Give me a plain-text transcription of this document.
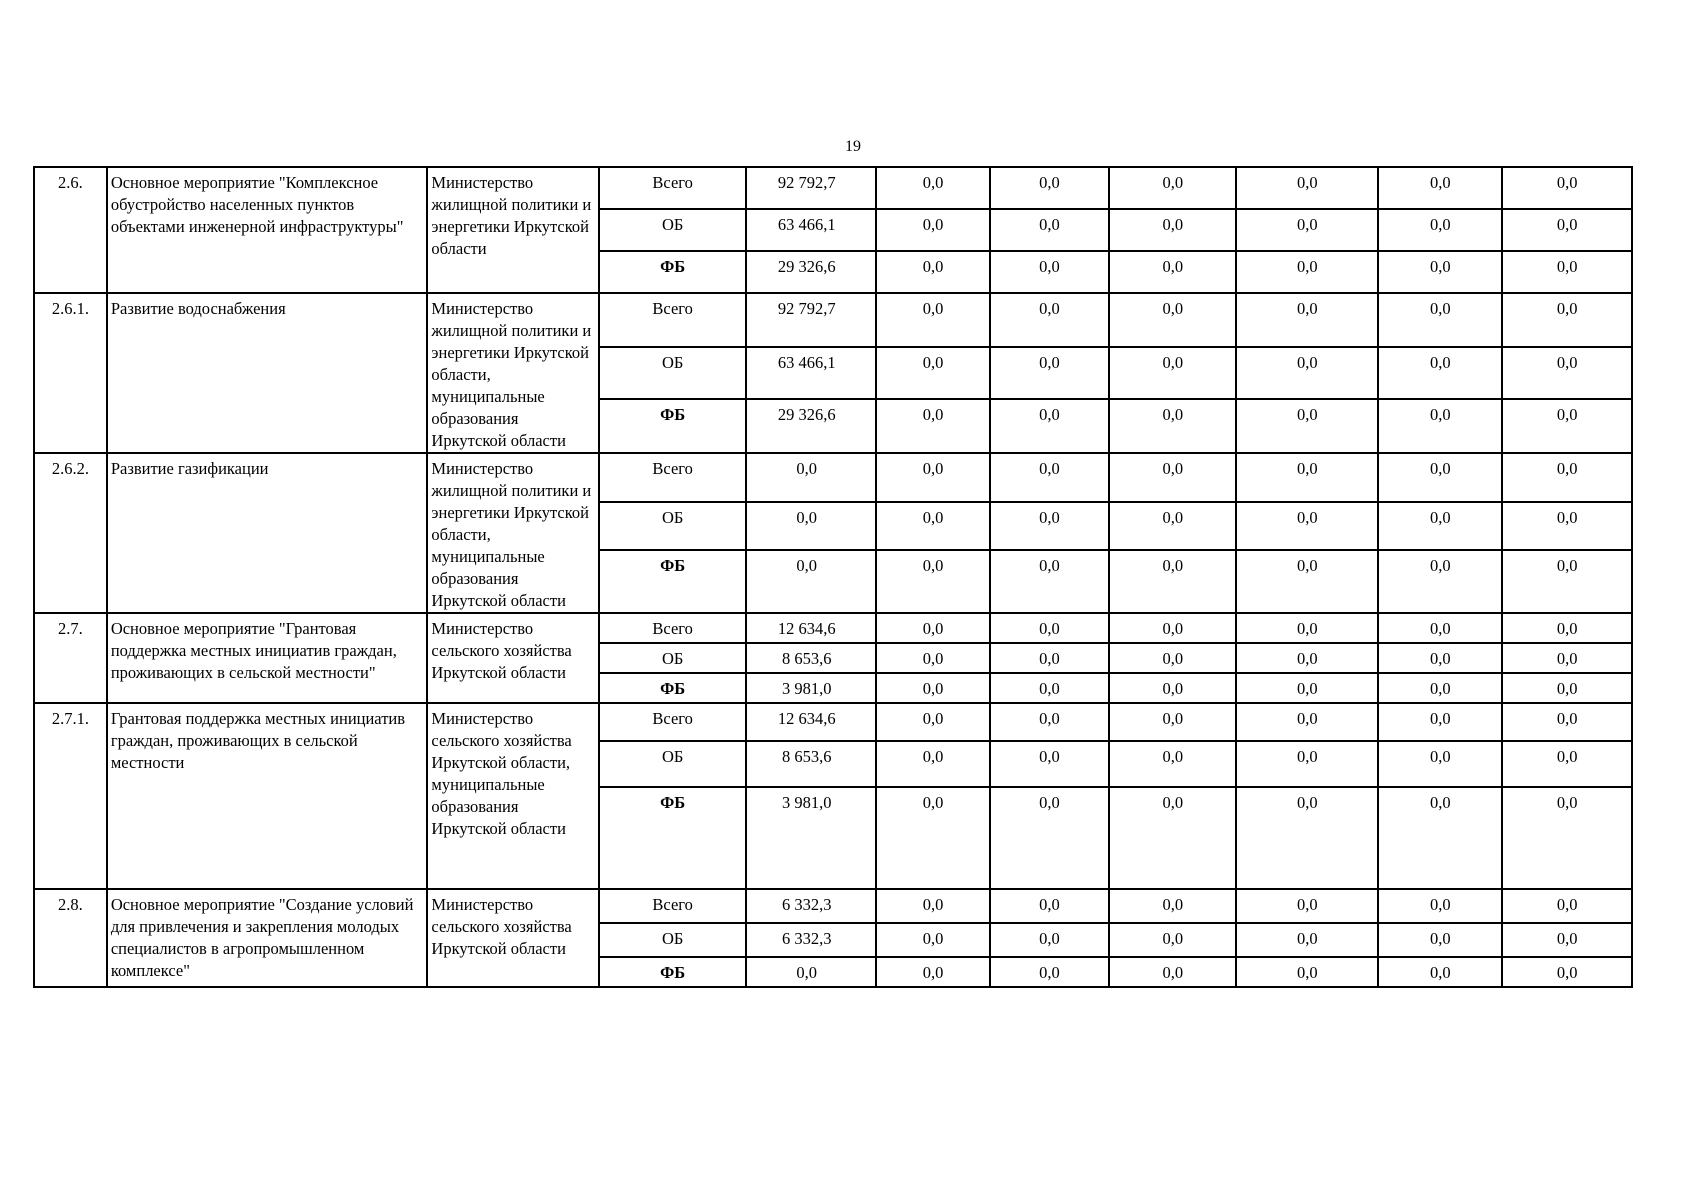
19
2.6.	Основное мероприятие "Комплексное обустройство населенных пунктов объектами инженерной инфраструктуры"	Министерство жилищной политики и энергетики Иркутской области	Всего	92 792,7	0,0	0,0	0,0	0,0	0,0	0,0
			ОБ	63 466,1	0,0	0,0	0,0	0,0	0,0	0,0
			ФБ	29 326,6	0,0	0,0	0,0	0,0	0,0	0,0
2.6.1.	Развитие водоснабжения	Министерство жилищной политики и энергетики Иркутской области, муниципальные образования Иркутской области	Всего	92 792,7	0,0	0,0	0,0	0,0	0,0	0,0
			ОБ	63 466,1	0,0	0,0	0,0	0,0	0,0	0,0
			ФБ	29 326,6	0,0	0,0	0,0	0,0	0,0	0,0
2.6.2.	Развитие газификации	Министерство жилищной политики и энергетики Иркутской области, муниципальные образования Иркутской области	Всего	0,0	0,0	0,0	0,0	0,0	0,0	0,0
			ОБ	0,0	0,0	0,0	0,0	0,0	0,0	0,0
			ФБ	0,0	0,0	0,0	0,0	0,0	0,0	0,0
2.7.	Основное мероприятие "Грантовая поддержка местных инициатив граждан, проживающих в сельской местности"	Министерство сельского хозяйства Иркутской области	Всего	12 634,6	0,0	0,0	0,0	0,0	0,0	0,0
			ОБ	8 653,6	0,0	0,0	0,0	0,0	0,0	0,0
			ФБ	3 981,0	0,0	0,0	0,0	0,0	0,0	0,0
2.7.1.	Грантовая поддержка местных инициатив граждан, проживающих в сельской местности	Министерство сельского хозяйства Иркутской области, муниципальные образования Иркутской области	Всего	12 634,6	0,0	0,0	0,0	0,0	0,0	0,0
			ОБ	8 653,6	0,0	0,0	0,0	0,0	0,0	0,0
			ФБ	3 981,0	0,0	0,0	0,0	0,0	0,0	0,0
2.8.	Основное мероприятие "Создание условий для привлечения и закрепления молодых специалистов в агропромышленном комплексе"	Министерство сельского хозяйства Иркутской области	Всего	6 332,3	0,0	0,0	0,0	0,0	0,0	0,0
			ОБ	6 332,3	0,0	0,0	0,0	0,0	0,0	0,0
			ФБ	0,0	0,0	0,0	0,0	0,0	0,0	0,0
